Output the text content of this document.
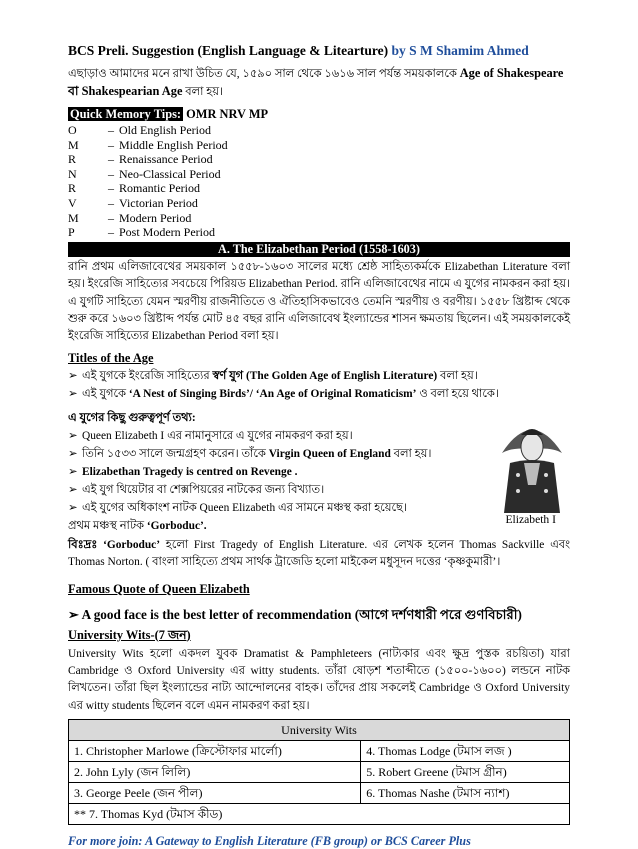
BCS Preli. Suggestion (English Language & Litearture) by S M Shamim Ahmed

এছাড়াও আমাদের মনে রাখা উচিত যে, ১৫৯০ সাল থেকে ১৬১৬ সাল পর্যন্ত সময়কালকে Age of Shakespeare বা Shakespearian Age বলা হয়।

Quick Memory Tips: OMR NRV MP
O	– Old English Period
M	– Middle English Period
R	– Renaissance Period
N	– Neo-Classical Period
R	– Romantic Period
V	– Victorian Period
M	– Modern Period
P	– Post Modern Period
A. The Elizabethan Period (1558-1603)

রানি প্রথম এলিজাবেথের সময়কাল ১৫৫৮-১৬০৩ সালের মধ্যে শ্রেষ্ঠ সাহিত্যকর্মকে Elizabethan Literature বলা হয়। ইংরেজি সাহিত্যের সবচেয়ে পিরিয়ড Elizabethan Period. রানি এলিজাবেথের নামে এ যুগের নামকরন করা হয়। এ যুগটি সাহিত্যে যেমন স্মরণীয় রাজনীতিতে ও ঐতিহাসিকভাবেও তেমনি স্মরণীয় ও বরণীয়। ১৫৫৮ খ্রিষ্টাব্দ থেকে শুরু করে ১৬০৩ খ্রিষ্টাব্দ পর্যন্ত মোট ৪৫ বছর রানি এলিজাবেথ ইংল্যান্ডের শাসন ক্ষমতায় ছিলেন। এই সময়কালকেই ইংরেজি সাহিত্যের Elizabethan Period বলা হয়।

Titles of the Age
➢ এই যুগকে ইংরেজি সাহিত্যের স্বর্ণ যুগ (The Golden Age of English Literature) বলা হয়।
➢ এই যুগকে ‘A Nest of Singing Birds’/ ‘An Age of Original Romaticism’ ও বলা হয়ে থাকে।
এ যুগের কিছু গুরুত্বপূর্ণ তথ্য:
Elizabeth I
➢ Queen Elizabeth I এর নামানুসারে এ যুগের নামকরণ করা হয়।
➢ তিনি ১৫৩৩ সালে জন্মগ্রহণ করেন। তাঁকে Virgin Queen of England বলা হয়।
➢ Elizabethan Tragedy is centred on Revenge .
➢ এই যুগ থিয়েটার বা শেক্সপিয়রের নাটকের জন্য বিখ্যাত।
➢ এই যুগের অধিকাংশ নাটক Queen Elizabeth এর সামনে মঞ্চস্থ করা হয়েছে।
প্রথম মঞ্চস্থ নাটক ‘Gorboduc’.

বিঃদ্রঃ ‘Gorboduc’ হলো First Tragedy of English Literature. এর লেখক হলেন Thomas Sackville এবং Thomas Norton. ( বাংলা সাহিত্যে প্রথম সার্থক ট্রাজেডি হলো মাইকেল মধুসূদন দত্তের ‘কৃষ্ণকুমারী’।

Famous Quote of Queen Elizabeth
➢ A good face is the best letter of recommendation (আগে দর্শণধারী পরে গুণবিচারী)
University Wits-(7 জন)

University Wits হলো একদল যুবক Dramatist & Pamphleteers (নাট্যকার এবং ক্ষুদ্র পুস্তক রচয়িতা) যারা Cambridge ও Oxford University এর witty students. তাঁরা ষোড়শ শতাব্দীতে (১৫০০-১৬০০) লন্ডনে নাটক লিখতেন। তাঁরা ছিল ইংল্যান্ডের নাট্য আন্দোলনের বাহক। তাঁদের প্রায় সকলেই Cambridge ও Oxford University এর witty students ছিলেন বলে এমন নামকরণ করা হয়।

University Wits	
1. Christopher Marlowe (ক্রিস্টোফার মার্লো)	4. Thomas Lodge (টমাস লজ )
2. John Lyly (জন লিলি)	5. Robert Greene (টমাস গ্রীন)
3. George Peele (জন পীল)	6. Thomas Nashe (টমাস ন্যাশ)
** 7. Thomas Kyd (টমাস কীড)	
For more join: A Gateway to English Literature (FB group) or BCS Career Plus
